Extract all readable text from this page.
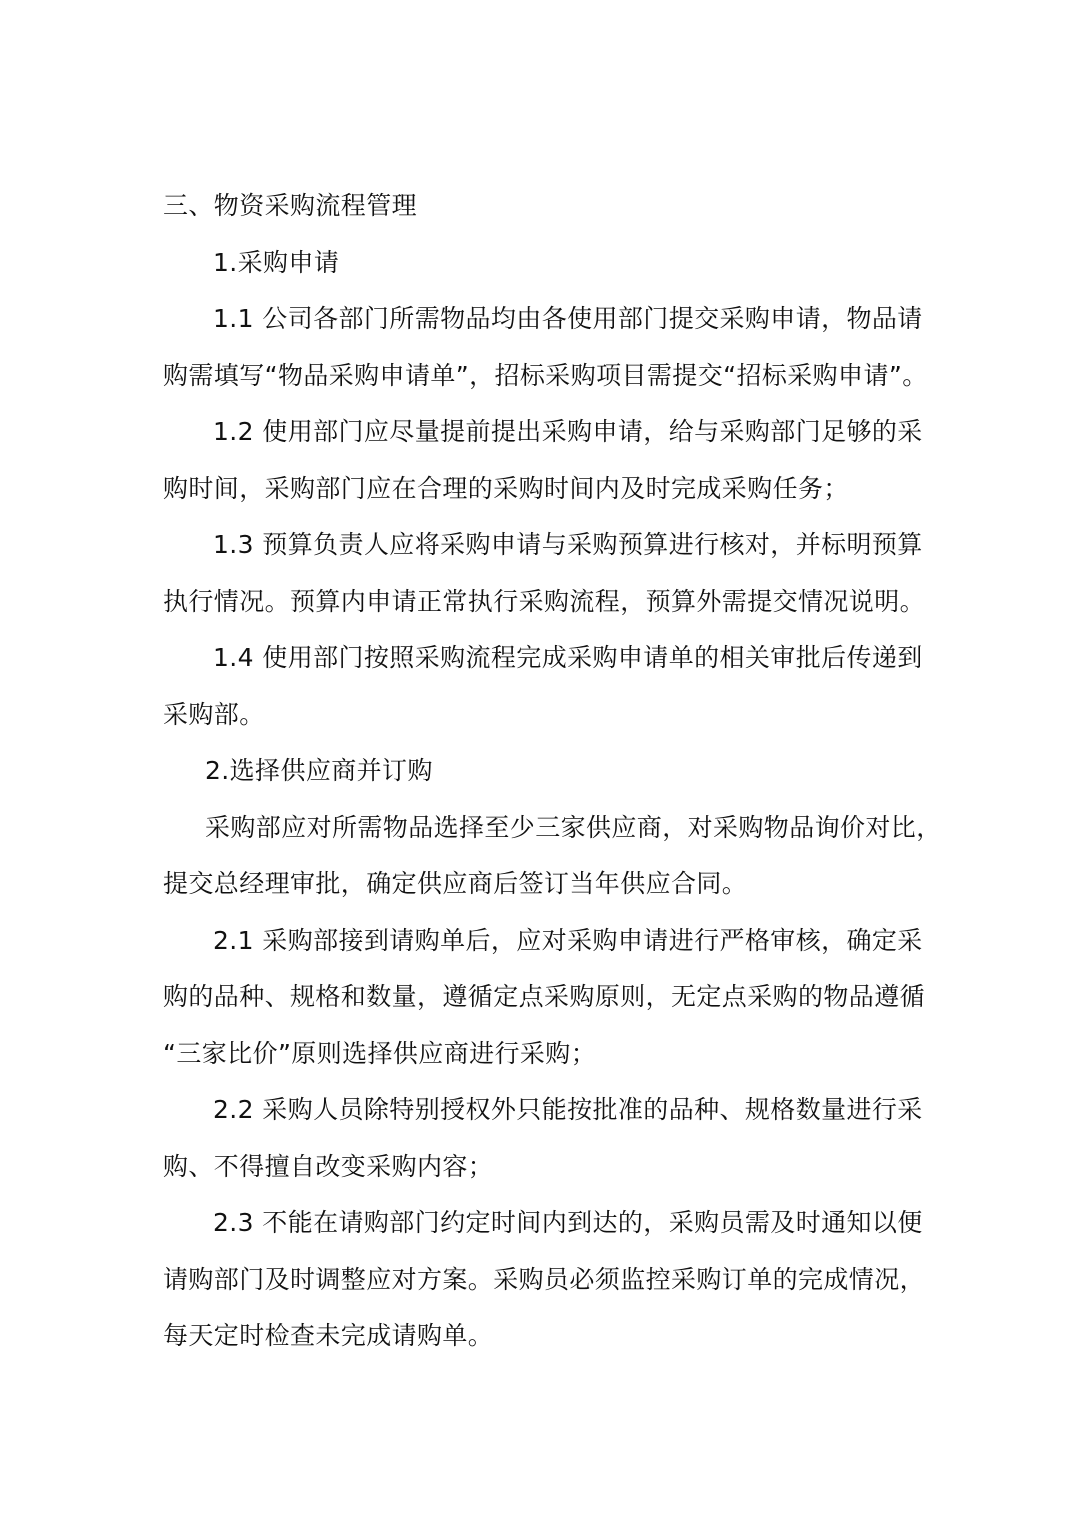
三、物资采购流程管理

1.采购申请

1.1 公司各部门所需物品均由各使用部门提交采购申请，物品请

购需填写“物品采购申请单”，招标采购项目需提交“招标采购申请”。

1.2 使用部门应尽量提前提出采购申请，给与采购部门足够的采

购时间，采购部门应在合理的采购时间内及时完成采购任务；

1.3 预算负责人应将采购申请与采购预算进行核对，并标明预算

执行情况。预算内申请正常执行采购流程，预算外需提交情况说明。

1.4 使用部门按照采购流程完成采购申请单的相关审批后传递到

采购部。

2.选择供应商并订购

采购部应对所需物品选择至少三家供应商，对采购物品询价对比，

提交总经理审批，确定供应商后签订当年供应合同。

2.1 采购部接到请购单后，应对采购申请进行严格审核，确定采

购的品种、规格和数量，遵循定点采购原则，无定点采购的物品遵循

“三家比价”原则选择供应商进行采购；

2.2 采购人员除特别授权外只能按批准的品种、规格数量进行采

购、不得擅自改变采购内容；

2.3 不能在请购部门约定时间内到达的，采购员需及时通知以便

请购部门及时调整应对方案。采购员必须监控采购订单的完成情况，

每天定时检查未完成请购单。
